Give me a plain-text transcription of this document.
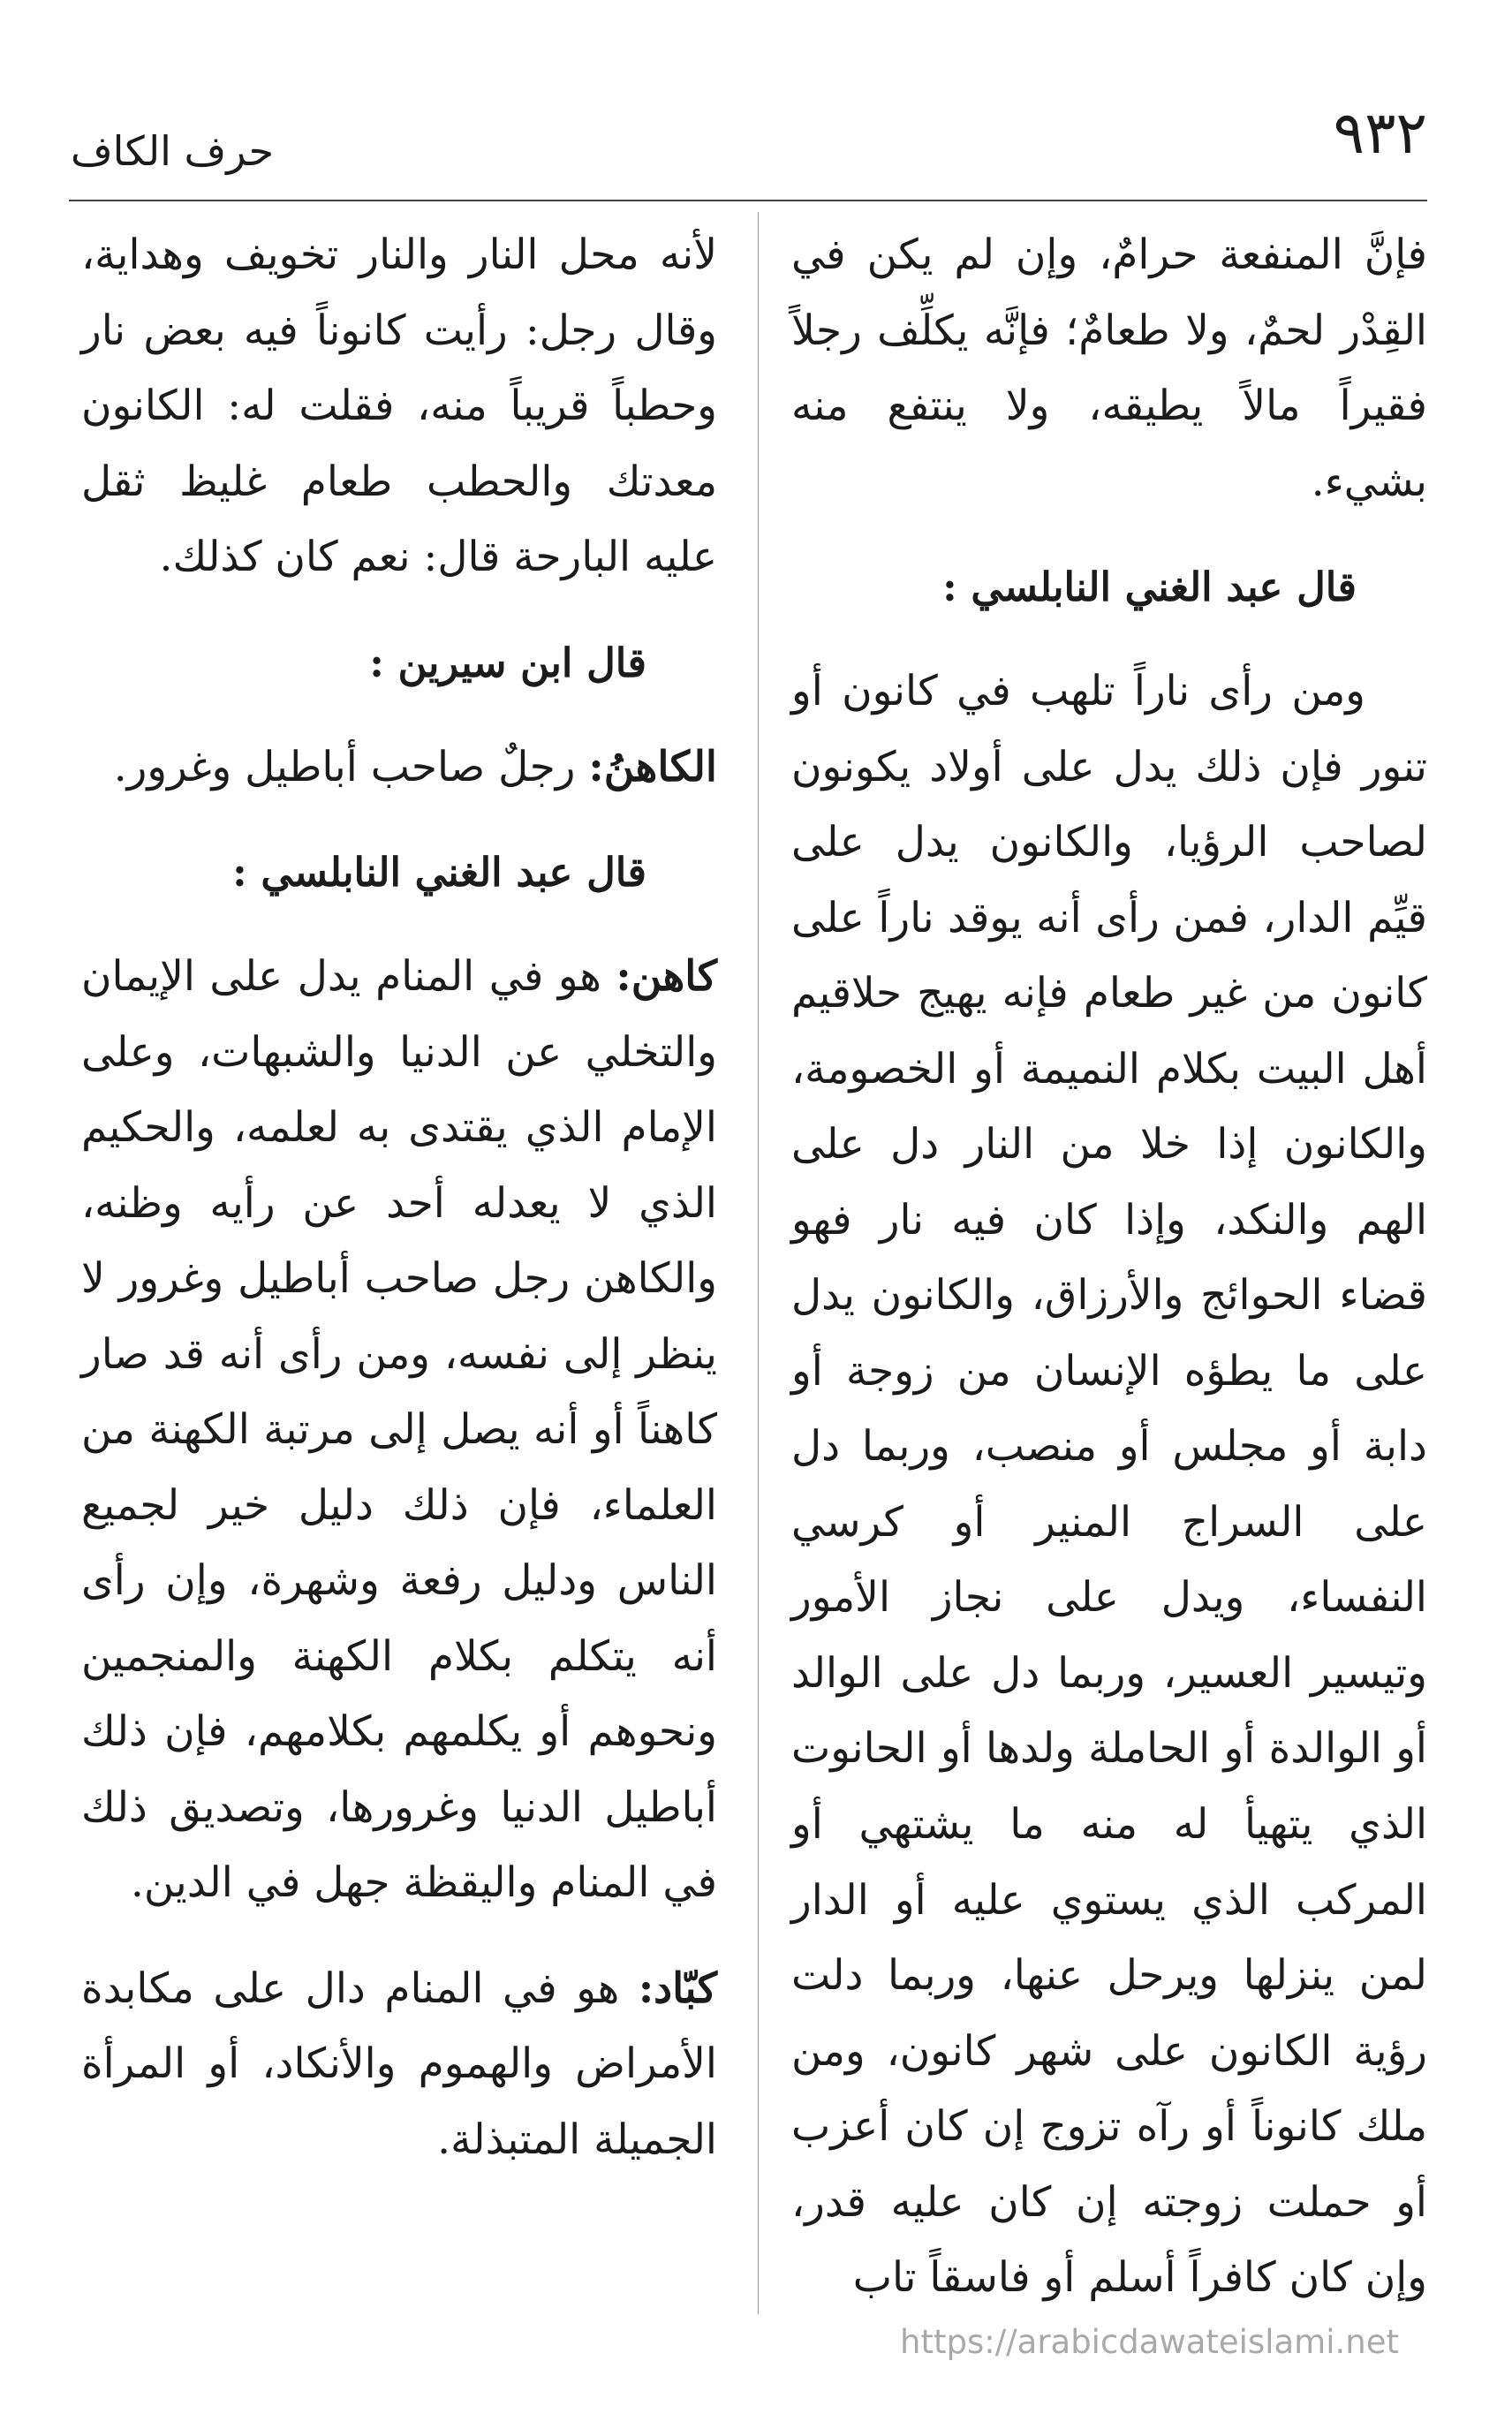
٩٣٢
حرف الكاف

فإنَّ المنفعة حرامٌ، وإن لم يكن في القِدْر لحمٌ، ولا طعامٌ؛ فإنَّه يكلِّف رجلاً فقيراً مالاً يطيقه، ولا ينتفع منه بشيء.

قال عبد الغني النابلسي :

ومن رأى ناراً تلهب في كانون أو تنور فإن ذلك يدل على أولاد يكونون لصاحب الرؤيا، والكانون يدل على قيِّم الدار، فمن رأى أنه يوقد ناراً على كانون من غير طعام فإنه يهيج حلاقيم أهل البيت بكلام النميمة أو الخصومة، والكانون إذا خلا من النار دل على الهم والنكد، وإذا كان فيه نار فهو قضاء الحوائج والأرزاق، والكانون يدل على ما يطؤه الإنسان من زوجة أو دابة أو مجلس أو منصب، وربما دل على السراج المنير أو كرسي النفساء، ويدل على نجاز الأمور وتيسير العسير، وربما دل على الوالد أو الوالدة أو الحاملة ولدها أو الحانوت الذي يتهيأ له منه ما يشتهي أو المركب الذي يستوي عليه أو الدار لمن ينزلها ويرحل عنها، وربما دلت رؤية الكانون على شهر كانون، ومن ملك كانوناً أو رآه تزوج إن كان أعزب أو حملت زوجته إن كان عليه قدر، وإن كان كافراً أسلم أو فاسقاً تاب

لأنه محل النار والنار تخويف وهداية، وقال رجل: رأيت كانوناً فيه بعض نار وحطباً قريباً منه، فقلت له: الكانون معدتك والحطب طعام غليظ ثقل عليه البارحة قال: نعم كان كذلك.

قال ابن سيرين :

الكاهنُ: رجلٌ صاحب أباطيل وغرور.

قال عبد الغني النابلسي :

كاهن: هو في المنام يدل على الإيمان والتخلي عن الدنيا والشبهات، وعلى الإمام الذي يقتدى به لعلمه، والحكيم الذي لا يعدله أحد عن رأيه وظنه، والكاهن رجل صاحب أباطيل وغرور لا ينظر إلى نفسه، ومن رأى أنه قد صار كاهناً أو أنه يصل إلى مرتبة الكهنة من العلماء، فإن ذلك دليل خير لجميع الناس ودليل رفعة وشهرة، وإن رأى أنه يتكلم بكلام الكهنة والمنجمين ونحوهم أو يكلمهم بكلامهم، فإن ذلك أباطيل الدنيا وغرورها، وتصديق ذلك في المنام واليقظة جهل في الدين.

كبّاد: هو في المنام دال على مكابدة الأمراض والهموم والأنكاد، أو المرأة الجميلة المتبذلة.

https://arabicdawateislami.net
